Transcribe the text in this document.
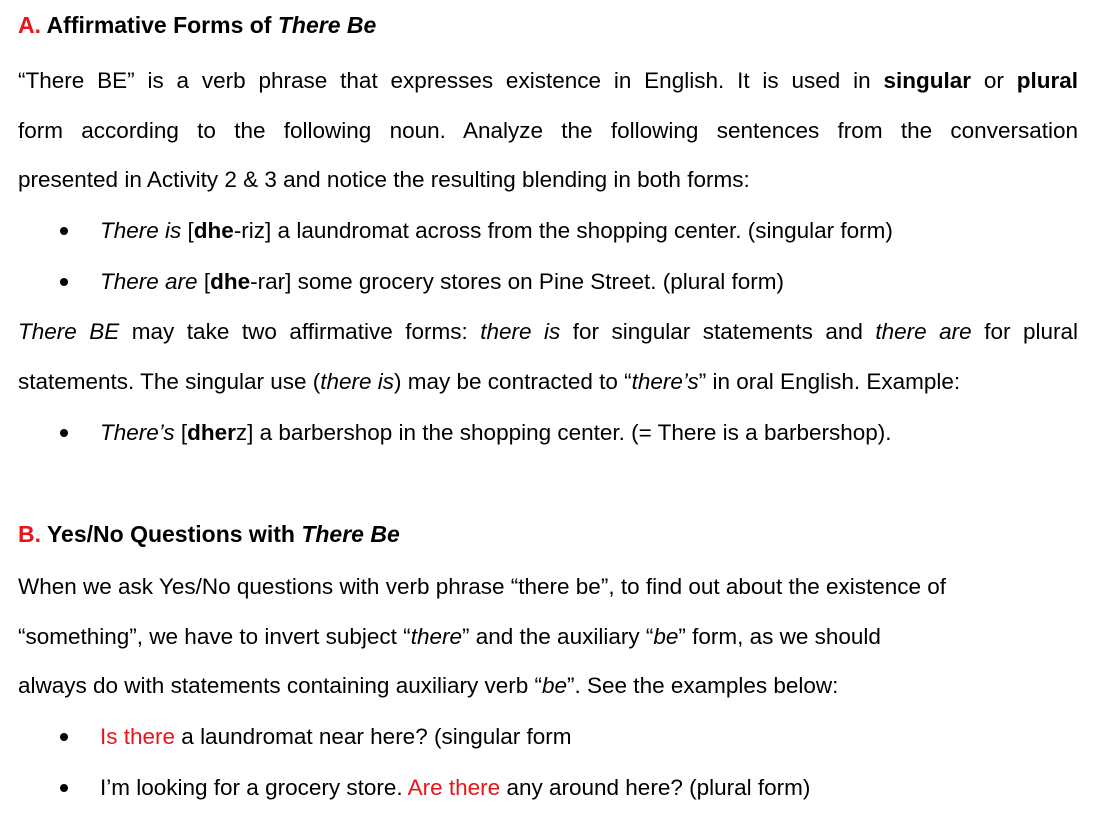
A. Affirmative Forms of There Be
“There BE” is a verb phrase that expresses existence in English. It is used in singular or plural
form according to the following noun. Analyze the following sentences from the conversation
presented in Activity 2 & 3 and notice the resulting blending in both forms:
There is [dhe-riz] a laundromat across from the shopping center. (singular form)
There are [dhe-rar] some grocery stores on Pine Street. (plural form)
There BE may take two affirmative forms: there is for singular statements and there are for plural
statements. The singular use (there is) may be contracted to “there’s” in oral English. Example:
There’s [dherz] a barbershop in the shopping center. (= There is a barbershop).
B. Yes/No Questions with There Be
When we ask Yes/No questions with verb phrase “there be”, to find out about the existence of
“something”, we have to invert subject “there” and the auxiliary “be” form, as we should
always do with statements containing auxiliary verb “be”. See the examples below:
Is there a laundromat near here? (singular form
I’m looking for a grocery store. Are there any around here? (plural form)
